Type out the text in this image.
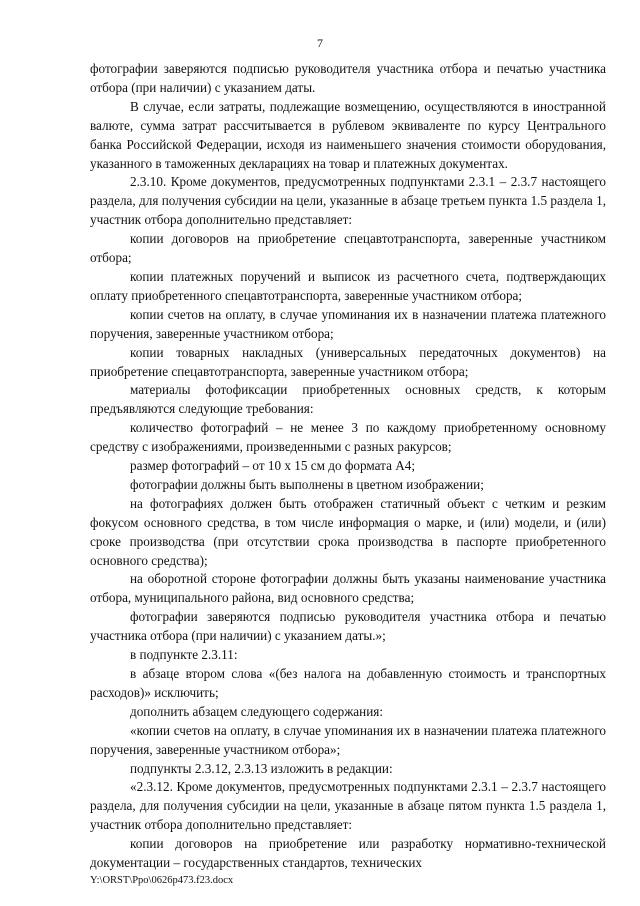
7

фотографии заверяются подписью руководителя участника отбора и печатью участника отбора (при наличии) с указанием даты.

В случае, если затраты, подлежащие возмещению, осуществляются в иностранной валюте, сумма затрат рассчитывается в рублевом эквиваленте по курсу Центрального банка Российской Федерации, исходя из наименьшего значения стоимости оборудования, указанного в таможенных декларациях на товар и платежных документах.

2.3.10. Кроме документов, предусмотренных подпунктами 2.3.1 – 2.3.7 настоящего раздела, для получения субсидии на цели, указанные в абзаце третьем пункта 1.5 раздела 1, участник отбора дополнительно представляет:

копии договоров на приобретение спецавтотранспорта, заверенные участником отбора;

копии платежных поручений и выписок из расчетного счета, подтверждающих оплату приобретенного спецавтотранспорта, заверенные участником отбора;

копии счетов на оплату, в случае упоминания их в назначении платежа платежного поручения, заверенные участником отбора;

копии товарных накладных (универсальных передаточных документов) на приобретение спецавтотранспорта, заверенные участником отбора;

материалы фотофиксации приобретенных основных средств, к которым предъявляются следующие требования:

количество фотографий – не менее 3 по каждому приобретенному основному средству с изображениями, произведенными с разных ракурсов;

размер фотографий – от 10 х 15 см до формата А4;

фотографии должны быть выполнены в цветном изображении;

на фотографиях должен быть отображен статичный объект с четким и резким фокусом основного средства, в том числе информация о марке, и (или) модели, и (или) сроке производства (при отсутствии срока производства в паспорте приобретенного основного средства);

на оборотной стороне фотографии должны быть указаны наименование участника отбора, муниципального района, вид основного средства;

фотографии заверяются подписью руководителя участника отбора и печатью участника отбора (при наличии) с указанием даты.»;

в подпункте 2.3.11:

в абзаце втором слова «(без налога на добавленную стоимость и транспортных расходов)» исключить;

дополнить абзацем следующего содержания:

«копии счетов на оплату, в случае упоминания их в назначении платежа платежного поручения, заверенные участником отбора»;

подпункты 2.3.12, 2.3.13 изложить в редакции:

«2.3.12. Кроме документов, предусмотренных подпунктами 2.3.1 – 2.3.7 настоящего раздела, для получения субсидии на цели, указанные в абзаце пятом пункта 1.5 раздела 1, участник отбора дополнительно представляет:

копии договоров на приобретение или разработку нормативно-технической документации – государственных стандартов, технических

Y:\ORST\Ppo\0626p473.f23.docx
